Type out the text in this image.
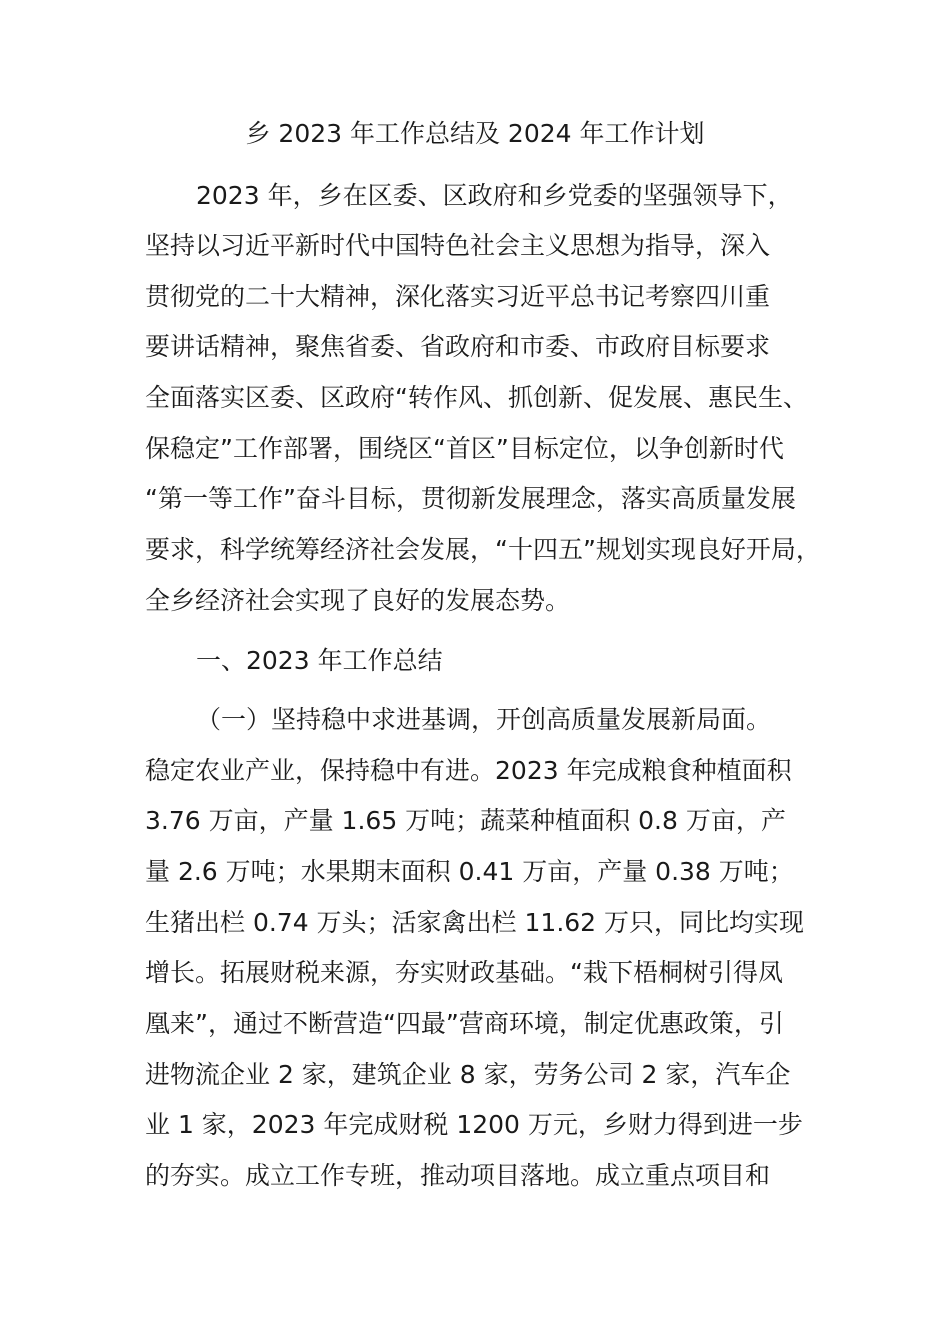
乡 2023 年工作总结及 2024 年工作计划
2023 年，乡在区委、区政府和乡党委的坚强领导下，
坚持以习近平新时代中国特色社会主义思想为指导，深入
贯彻党的二十大精神，深化落实习近平总书记考察四川重
要讲话精神，聚焦省委、省政府和市委、市政府目标要求
全面落实区委、区政府“转作风、抓创新、促发展、惠民生、
保稳定”工作部署，围绕区“首区”目标定位，以争创新时代
“第一等工作”奋斗目标，贯彻新发展理念，落实高质量发展
要求，科学统筹经济社会发展，“十四五”规划实现良好开局，
全乡经济社会实现了良好的发展态势。
一、2023 年工作总结
（一）坚持稳中求进基调，开创高质量发展新局面。
稳定农业产业，保持稳中有进。2023 年完成粮食种植面积
3.76 万亩，产量 1.65 万吨；蔬菜种植面积 0.8 万亩，产
量 2.6 万吨；水果期末面积 0.41 万亩，产量 0.38 万吨；
生猪出栏 0.74 万头；活家禽出栏 11.62 万只，同比均实现
增长。拓展财税来源，夯实财政基础。“栽下梧桐树引得凤
凰来”，通过不断营造“四最”营商环境，制定优惠政策，引
进物流企业 2 家，建筑企业 8 家，劳务公司 2 家，汽车企
业 1 家，2023 年完成财税 1200 万元，乡财力得到进一步
的夯实。成立工作专班，推动项目落地。成立重点项目和
